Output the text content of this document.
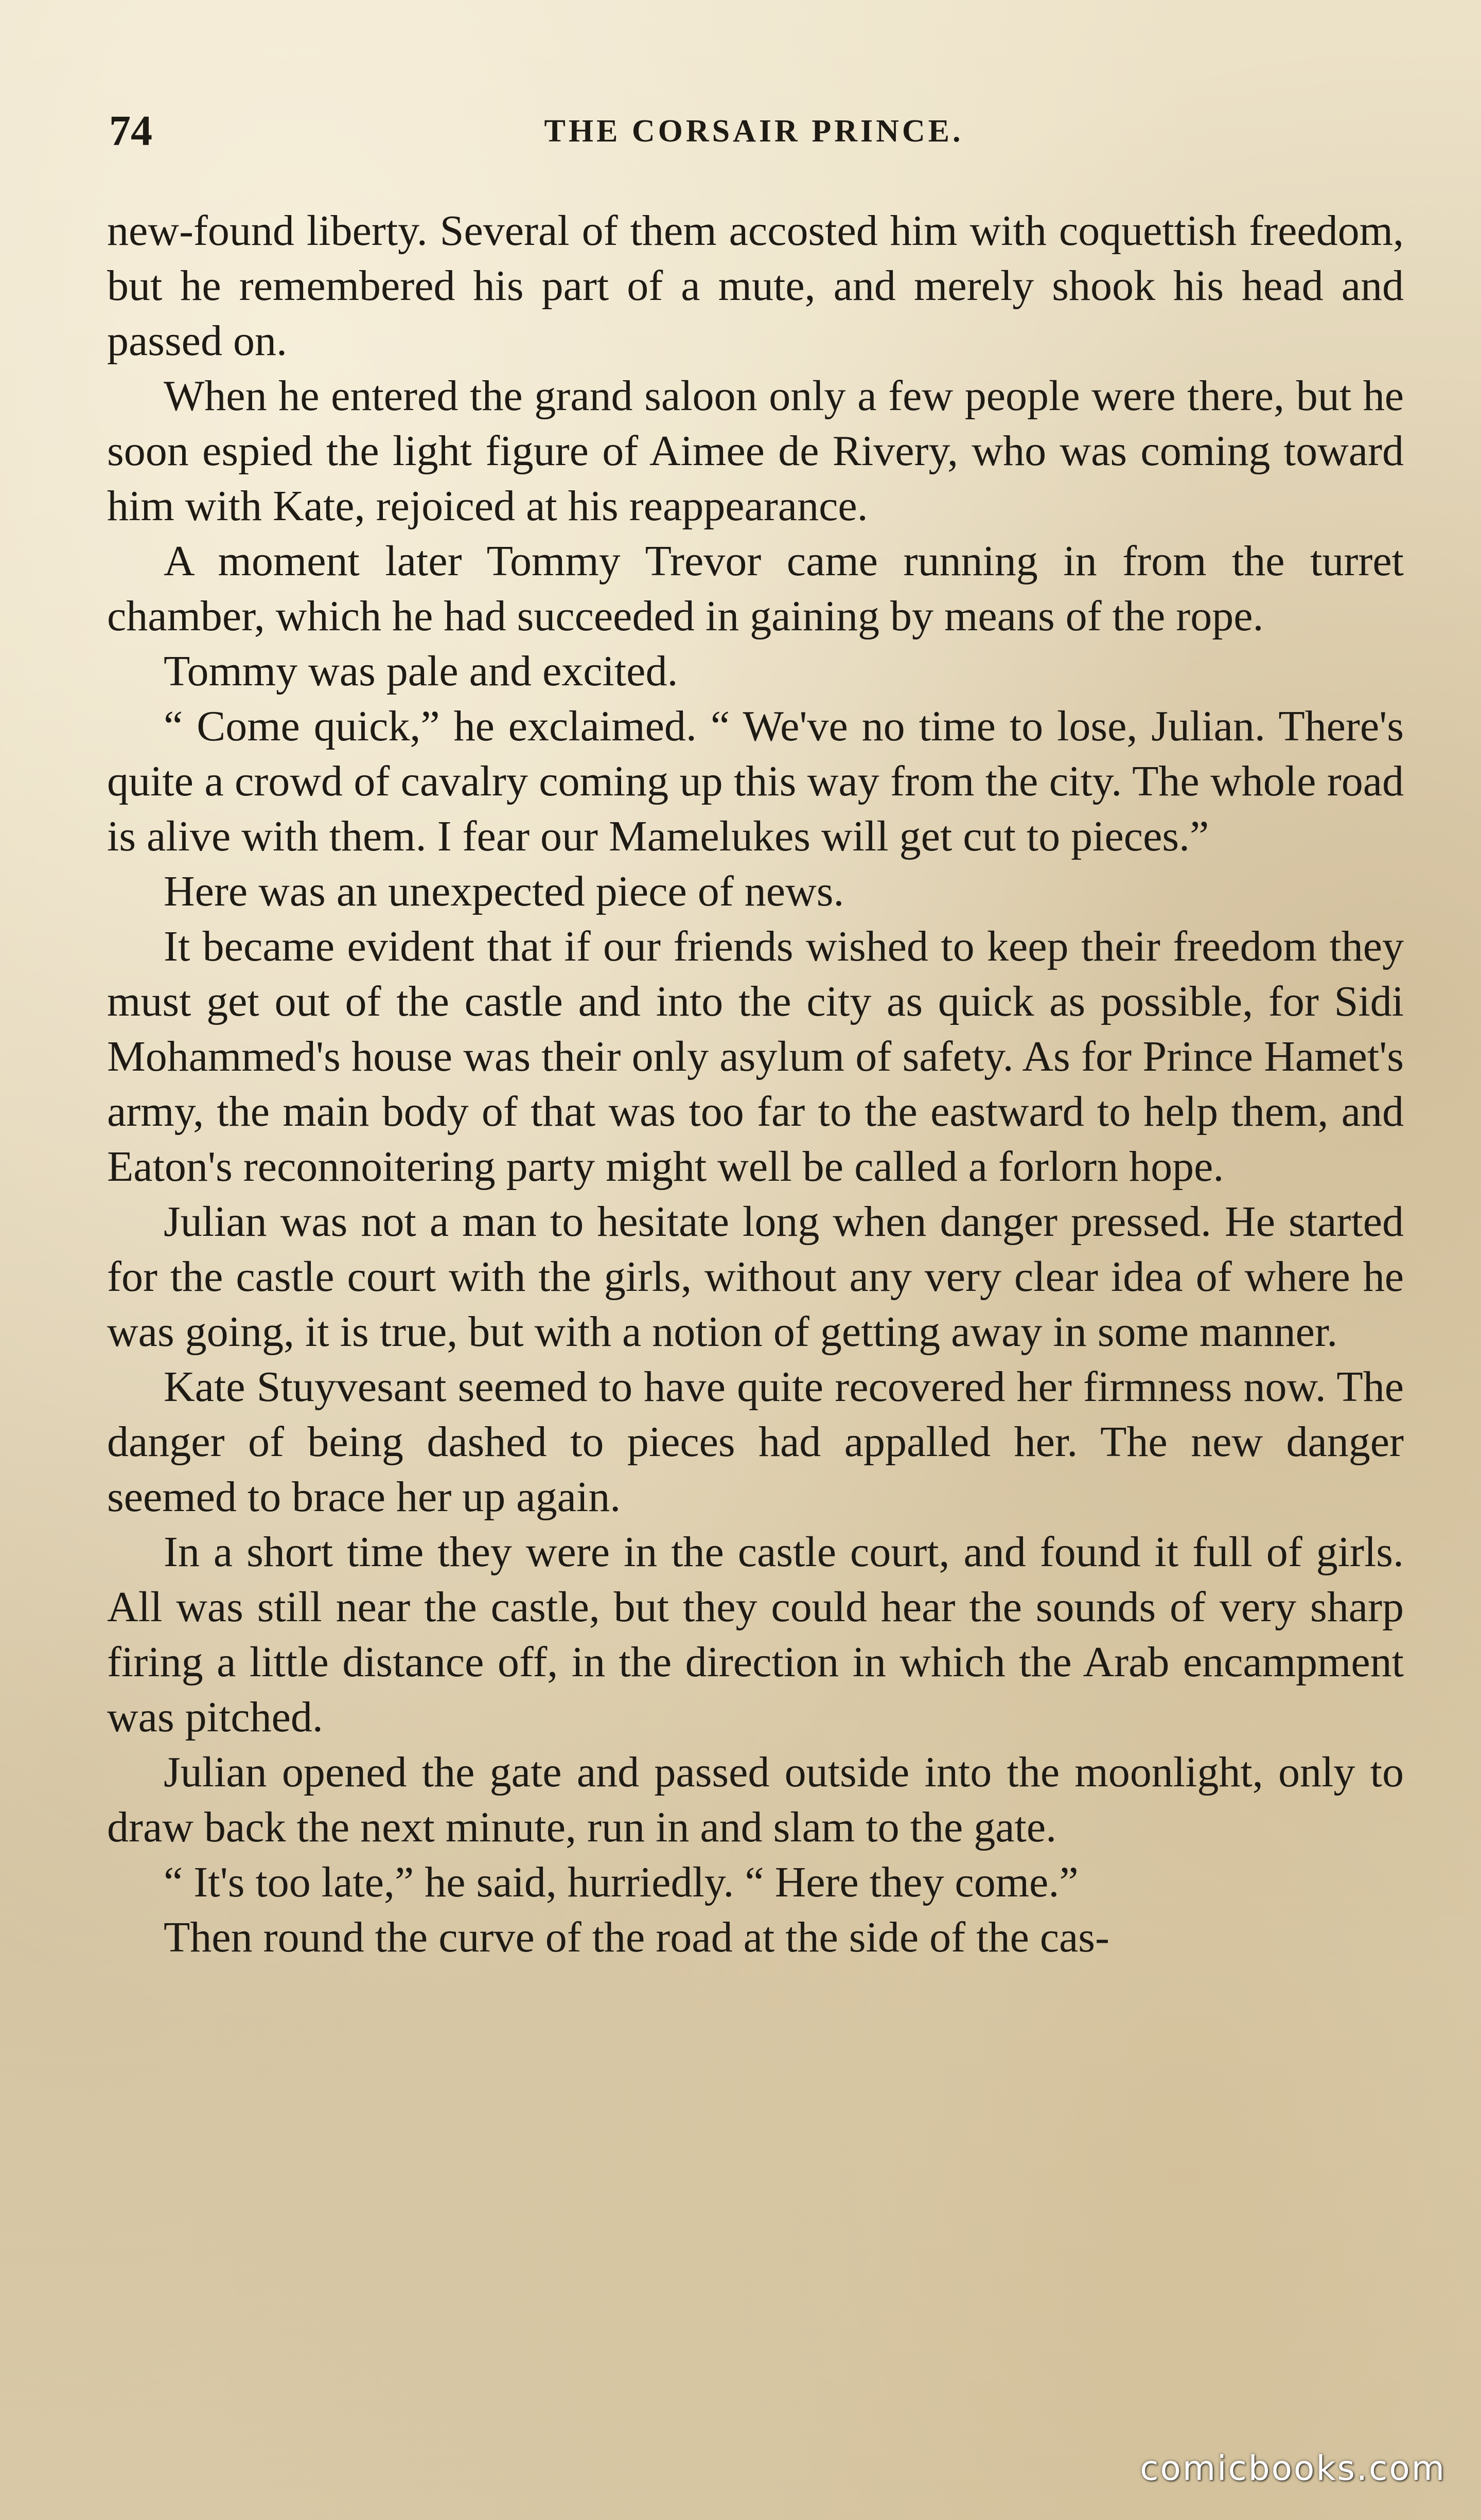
74	THE CORSAIR PRINCE.

new-found liberty. Several of them accosted him with coquettish freedom, but he remembered his part of a mute, and merely shook his head and passed on.

When he entered the grand saloon only a few people were there, but he soon espied the light figure of Aimee de Rivery, who was coming toward him with Kate, rejoiced at his reappearance.

A moment later Tommy Trevor came running in from the turret chamber, which he had succeeded in gaining by means of the rope.

Tommy was pale and excited.

“ Come quick,” he exclaimed. “ We've no time to lose, Julian. There's quite a crowd of cavalry coming up this way from the city. The whole road is alive with them. I fear our Mamelukes will get cut to pieces.”

Here was an unexpected piece of news.

It became evident that if our friends wished to keep their freedom they must get out of the castle and into the city as quick as possible, for Sidi Mohammed's house was their only asylum of safety. As for Prince Hamet's army, the main body of that was too far to the eastward to help them, and Eaton's reconnoitering party might well be called a forlorn hope.

Julian was not a man to hesitate long when danger pressed. He started for the castle court with the girls, without any very clear idea of where he was going, it is true, but with a notion of getting away in some manner.

Kate Stuyvesant seemed to have quite recovered her firmness now. The danger of being dashed to pieces had appalled her. The new danger seemed to brace her up again.

In a short time they were in the castle court, and found it full of girls. All was still near the castle, but they could hear the sounds of very sharp firing a little distance off, in the direction in which the Arab encampment was pitched.

Julian opened the gate and passed outside into the moonlight, only to draw back the next minute, run in and slam to the gate.

“ It's too late,” he said, hurriedly. “ Here they come.”

Then round the curve of the road at the side of the cas-

comicbooks.com
